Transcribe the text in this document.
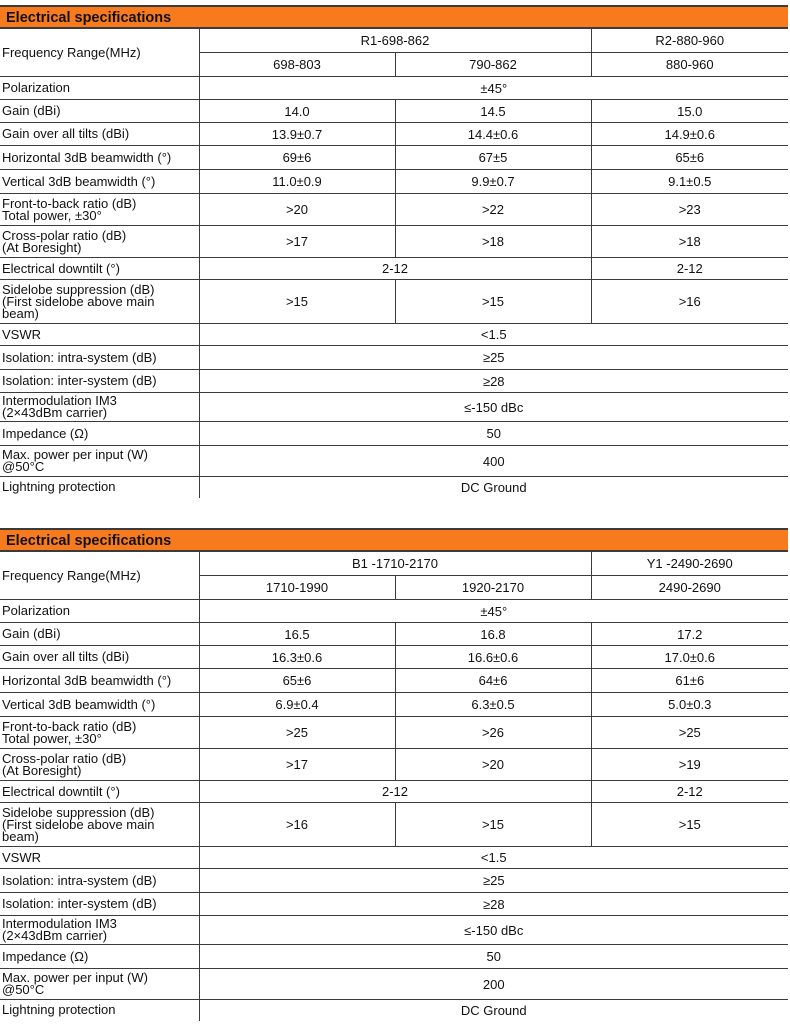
Electrical specifications
Frequency Range(MHz)	R1-698-862		R2-880-960
	698-803	790-862	880-960
Polarization	±45°		
Gain (dBi)	14.0	14.5	15.0
Gain over all tilts (dBi)	13.9±0.7	14.4±0.6	14.9±0.6
Horizontal 3dB beamwidth (°)	69±6	67±5	65±6
Vertical 3dB beamwidth (°)	11.0±0.9	9.9±0.7	9.1±0.5

Front-to-back ratio (dB)
Total power, ±30°	>20	>22	>23

Cross-polar ratio (dB)
(At Boresight)	>17	>18	>18
Electrical downtilt (°)	2-12		2-12

Sidelobe suppression (dB)
(First sidelobe above main
beam)	>15	>15	>16
VSWR	<1.5		
Isolation: intra-system (dB)	≥25		
Isolation: inter-system (dB)	≥28		

Intermodulation IM3
(2×43dBm carrier)	≤-150 dBc		
Impedance (Ω)	50		

Max. power per input (W)
@50°C	400		
Lightning protection	DC Ground		
Electrical specifications
Frequency Range(MHz)	B1 -1710-2170		Y1 -2490-2690
	1710-1990	1920-2170	2490-2690
Polarization	±45°		
Gain (dBi)	16.5	16.8	17.2
Gain over all tilts (dBi)	16.3±0.6	16.6±0.6	17.0±0.6
Horizontal 3dB beamwidth (°)	65±6	64±6	61±6
Vertical 3dB beamwidth (°)	6.9±0.4	6.3±0.5	5.0±0.3

Front-to-back ratio (dB)
Total power, ±30°	>25	>26	>25

Cross-polar ratio (dB)
(At Boresight)	>17	>20	>19
Electrical downtilt (°)	2-12		2-12

Sidelobe suppression (dB)
(First sidelobe above main
beam)	>16	>15	>15
VSWR	<1.5		
Isolation: intra-system (dB)	≥25		
Isolation: inter-system (dB)	≥28		

Intermodulation IM3
(2×43dBm carrier)	≤-150 dBc		
Impedance (Ω)	50		

Max. power per input (W)
@50°C	200		
Lightning protection	DC Ground		
